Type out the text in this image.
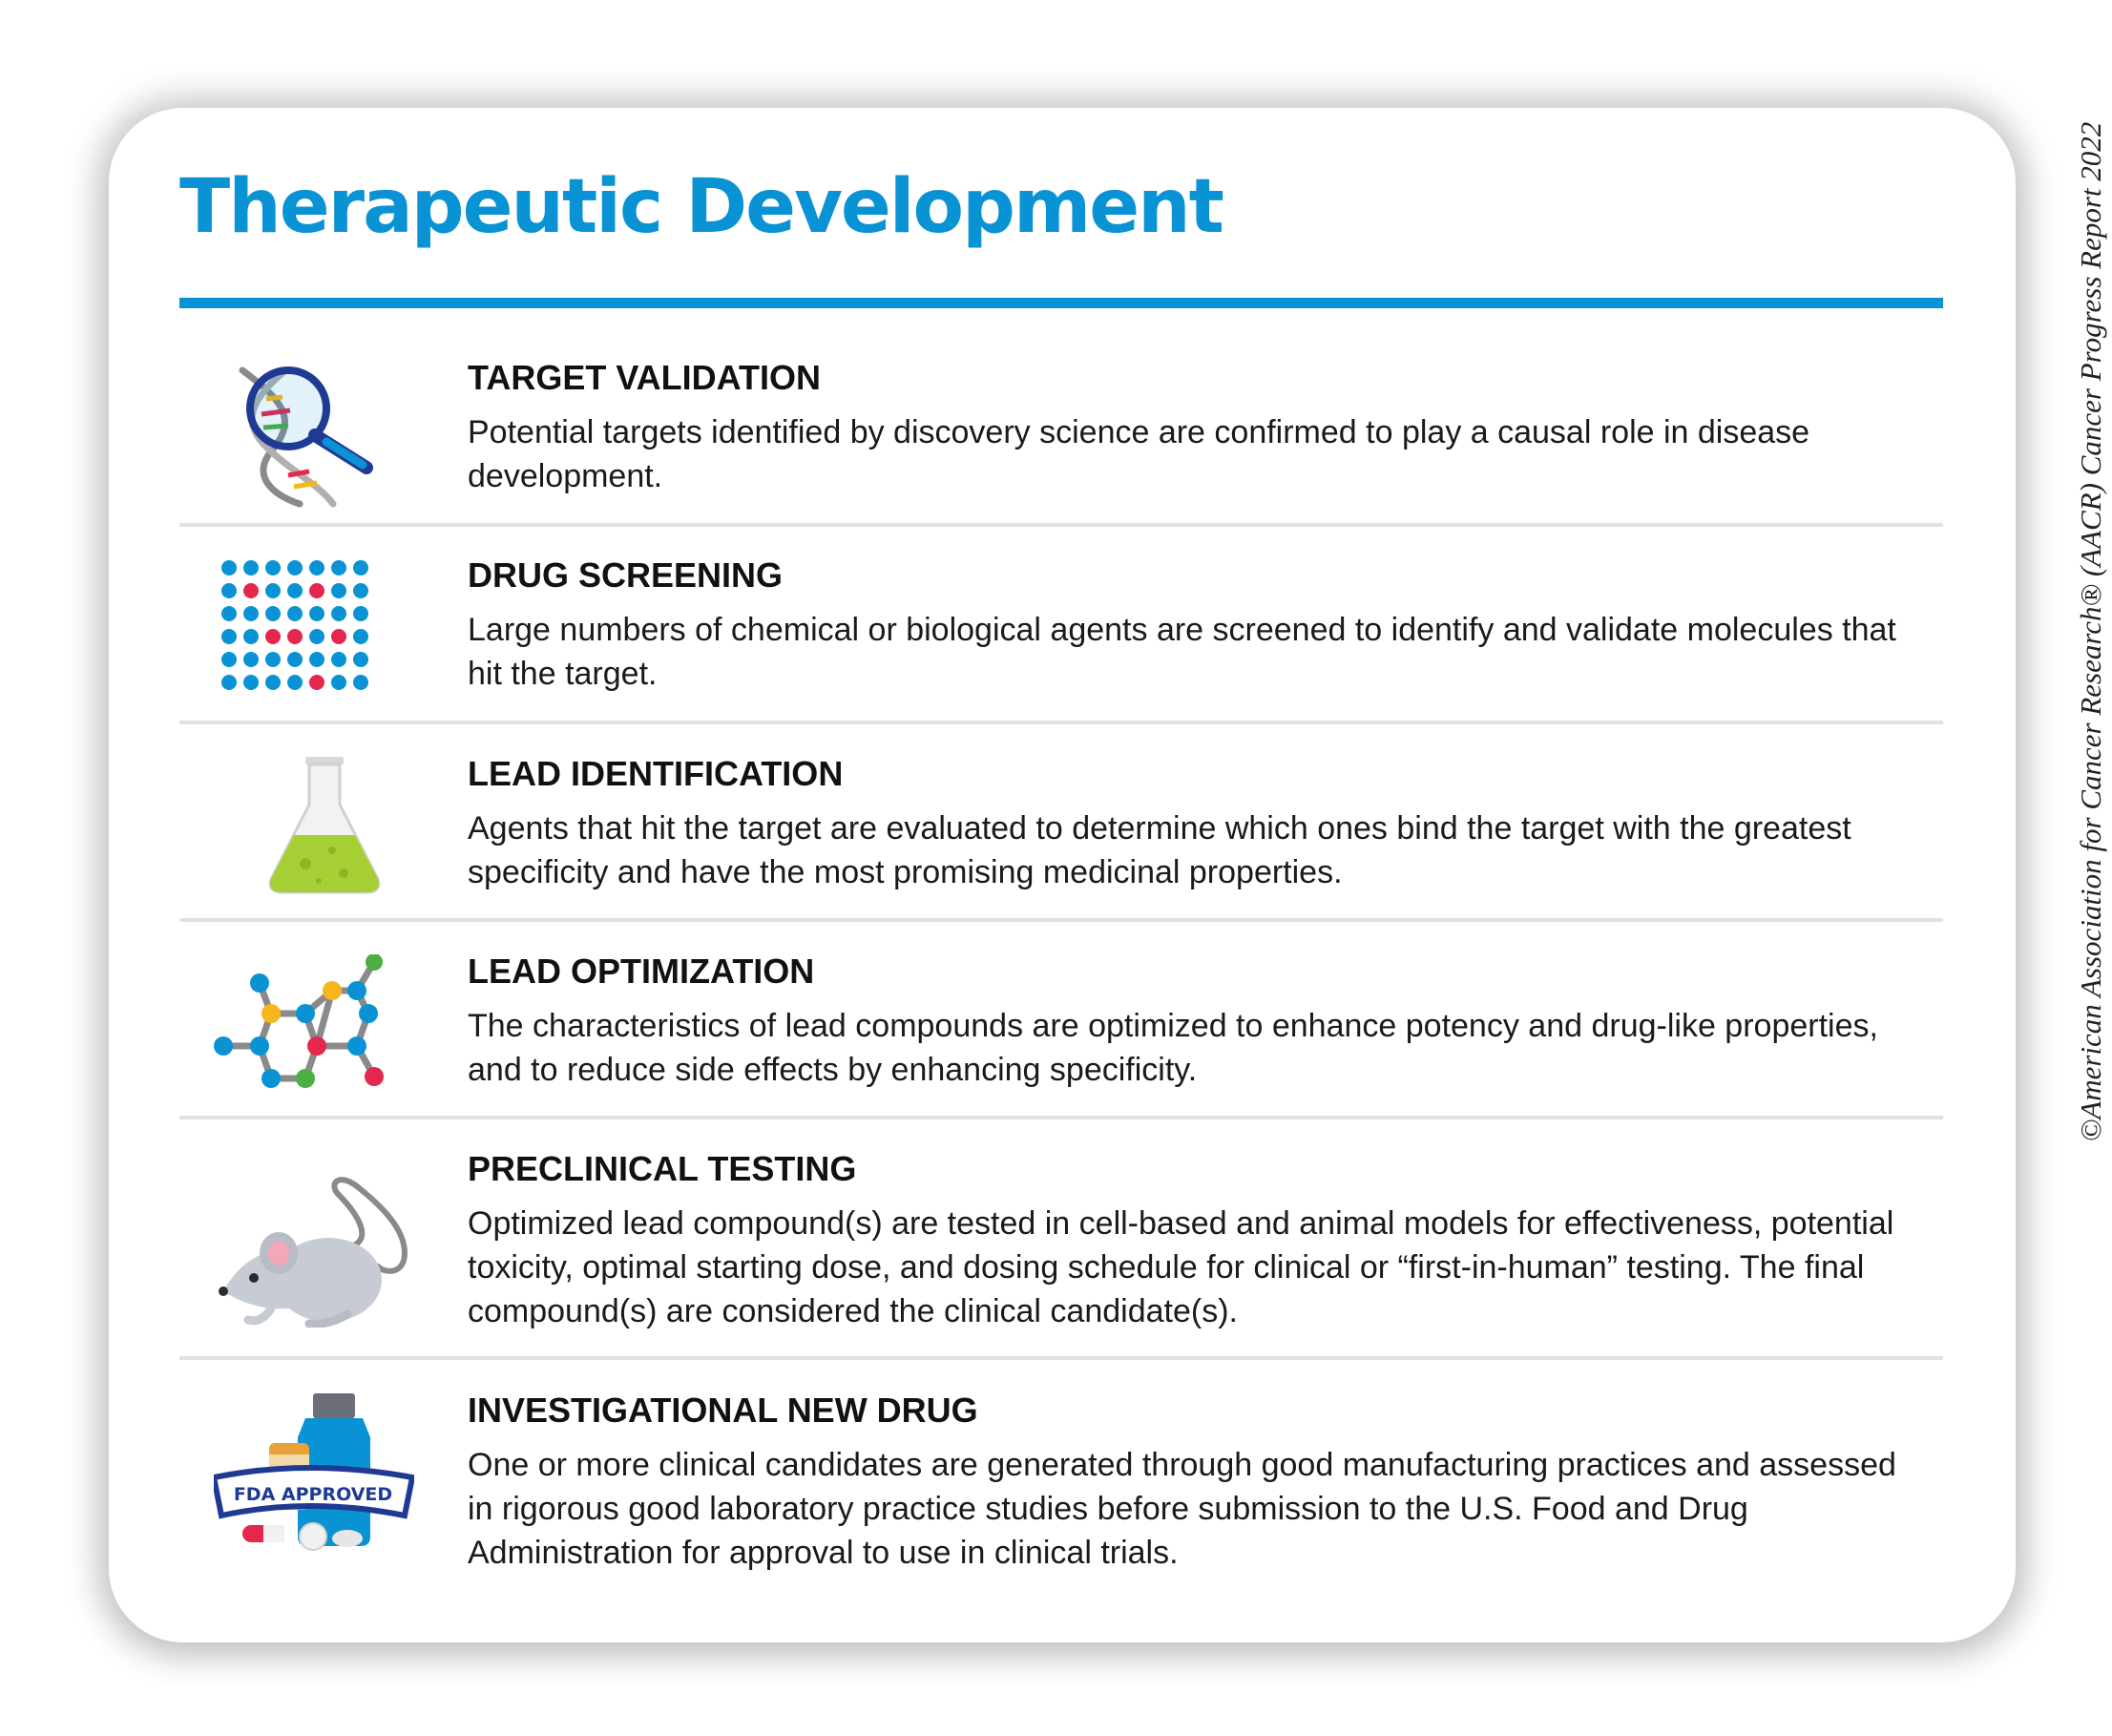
Therapeutic Development
TARGET VALIDATION

Potential targets identified by discovery science are confirmed to play a causal role in disease development.

DRUG SCREENING

Large numbers of chemical or biological agents are screened to identify and validate molecules that hit the target.

LEAD IDENTIFICATION

Agents that hit the target are evaluated to determine which ones bind the target with the greatest specificity and have the most promising medicinal properties.

LEAD OPTIMIZATION

The characteristics of lead compounds are optimized to enhance potency and drug-like properties, and to reduce side effects by enhancing specificity.

PRECLINICAL TESTING

Optimized lead compound(s) are tested in cell-based and animal models for effectiveness, potential toxicity, optimal starting dose, and dosing schedule for clinical or “first-in-human” testing. The final compound(s) are considered the clinical candidate(s).

FDA APPROVED
INVESTIGATIONAL NEW DRUG

One or more clinical candidates are generated through good manufacturing practices and assessed in rigorous good laboratory practice studies before submission to the U.S. Food and Drug Administration for approval to use in clinical trials.

©American Association for Cancer Research® (AACR) Cancer Progress Report 2022
